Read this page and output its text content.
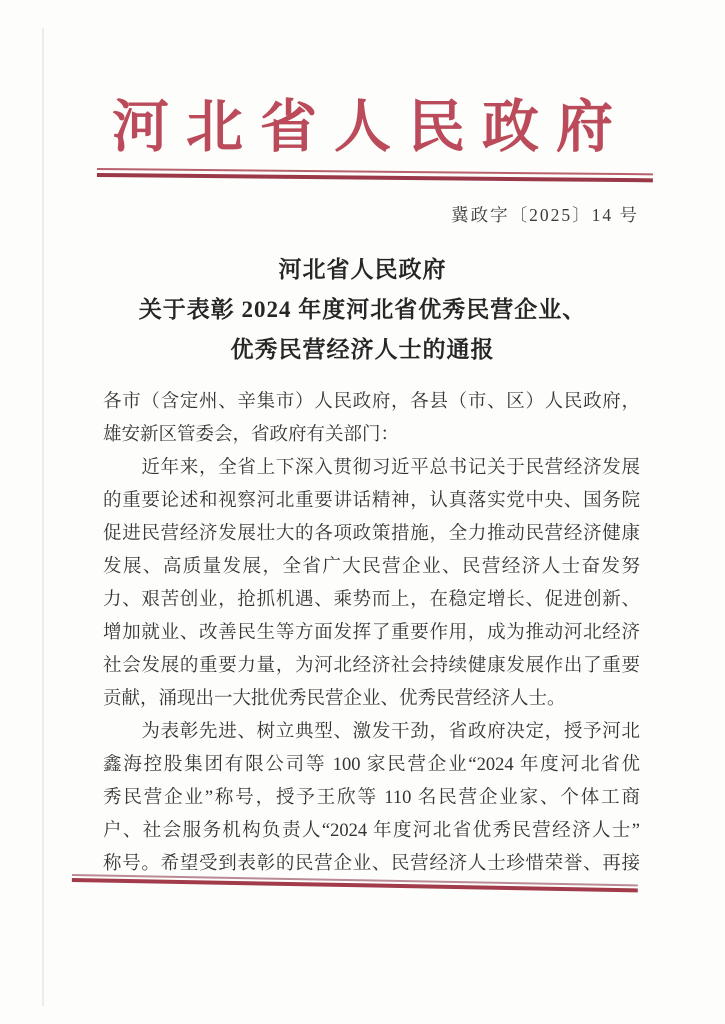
河北省人民政府
冀政字〔2025〕14 号
河北省人民政府
关于表彰 2024 年度河北省优秀民营企业、
优秀民营经济人士的通报
各市（含定州、辛集市）人民政府，各县（市、区）人民政府，
雄安新区管委会，省政府有关部门：
　　近年来，全省上下深入贯彻习近平总书记关于民营经济发展
的重要论述和视察河北重要讲话精神，认真落实党中央、国务院
促进民营经济发展壮大的各项政策措施，全力推动民营经济健康
发展、高质量发展，全省广大民营企业、民营经济人士奋发努
力、艰苦创业，抢抓机遇、乘势而上，在稳定增长、促进创新、
增加就业、改善民生等方面发挥了重要作用，成为推动河北经济
社会发展的重要力量，为河北经济社会持续健康发展作出了重要
贡献，涌现出一大批优秀民营企业、优秀民营经济人士。
　　为表彰先进、树立典型、激发干劲，省政府决定，授予河北
鑫海控股集团有限公司等 100 家民营企业“2024 年度河北省优
秀民营企业”称号，授予王欣等 110 名民营企业家、个体工商
户、社会服务机构负责人“2024 年度河北省优秀民营经济人士”
称号。希望受到表彰的民营企业、民营经济人士珍惜荣誉、再接
